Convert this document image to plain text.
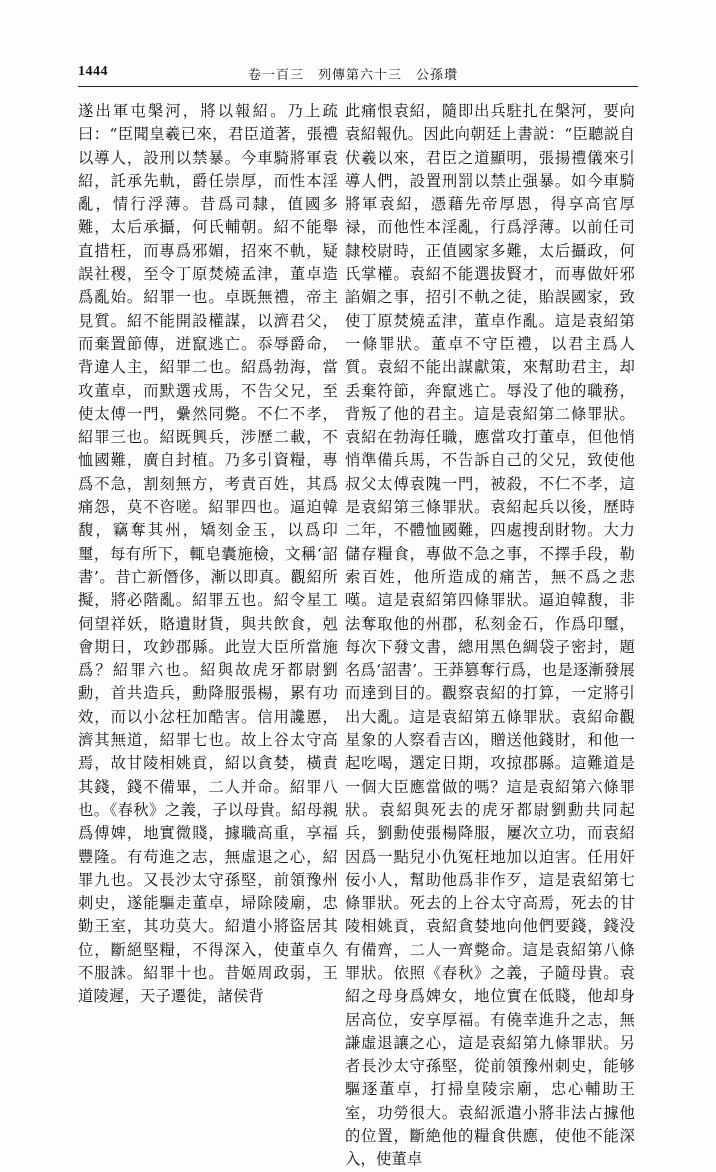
1444	卷一百三　列傳第六十三　公孫瓚

遂出軍屯槃河，將以報紹。乃上疏曰：“臣聞皇羲已來，君臣道著，張禮以導人，設刑以禁暴。今車騎將軍袁紹，託承先軌，爵任崇厚，而性本淫亂，情行浮薄。昔爲司隸，值國多難，太后承攝，何氏輔朝。紹不能舉直措枉，而專爲邪媚，招來不軌，疑誤社稷，至令丁原焚燒孟津，董卓造爲亂始。紹罪一也。卓既無禮，帝主見質。紹不能開設權謀，以濟君父，而棄置節傳，迸竄逃亡。忝辱爵命，背違人主，紹罪二也。紹爲勃海，當攻董卓，而默選戎馬，不告父兄，至使太傅一門，纍然同斃。不仁不孝，紹罪三也。紹既興兵，涉歷二載，不恤國難，廣自封植。乃多引資糧，專爲不急，割刻無方，考責百姓，其爲痛怨，莫不咨嗟。紹罪四也。逼迫韓馥，竊奪其州，矯刻金玉，以爲印璽，每有所下，輒皂囊施檢，文稱‘詔書’。昔亡新僭侈，漸以即真。觀紹所擬，將必階亂。紹罪五也。紹令星工伺望祥妖，賂遺財貨，與共飲食，剋會期日，攻鈔郡縣。此豈大臣所當施爲？紹罪六也。紹與故虎牙都尉劉勳，首共造兵，勳降服張楊，累有功效，而以小忿枉加酷害。信用讒慝，濟其無道，紹罪七也。故上谷太守高焉，故甘陵相姚貢，紹以貪婪，橫責其錢，錢不備畢，二人并命。紹罪八也。《春秋》之義，子以母貴。紹母親爲傅婢，地實微賤，據職高重，享福豐隆。有苟進之志，無虛退之心，紹罪九也。又長沙太守孫堅，前領豫州刺史，遂能驅走董卓，埽除陵廟，忠勤王室，其功莫大。紹遣小將盜居其位，斷絕堅糧，不得深入，使董卓久不服誅。紹罪十也。昔姬周政弱，王道陵遲，天子遷徙，諸侯背

此痛恨袁紹，隨即出兵駐扎在槃河，要向袁紹報仇。因此向朝廷上書説：“臣聽説自伏羲以來，君臣之道顯明，張揚禮儀來引導人們，設置刑罰以禁止强暴。如今車騎將軍袁紹，憑藉先帝厚恩，得享高官厚禄，而他性本淫亂，行爲浮薄。以前任司隸校尉時，正值國家多難，太后攝政，何氏掌權。袁紹不能選拔賢才，而專做奸邪諂媚之事，招引不軌之徒，貽誤國家，致使丁原焚燒孟津，董卓作亂。這是袁紹第一條罪狀。董卓不守臣禮，以君主爲人質。袁紹不能出謀獻策，來幫助君主，却丢棄符節，奔竄逃亡。辱没了他的職務，背叛了他的君主。這是袁紹第二條罪狀。袁紹在勃海任職，應當攻打董卓，但他悄悄準備兵馬，不告訴自己的父兄，致使他叔父太傅袁隗一門，被殺，不仁不孝，這是袁紹第三條罪狀。袁紹起兵以後，歷時二年，不體恤國難，四處搜刮財物。大力儲存糧食，專做不急之事，不擇手段，勒索百姓，他所造成的痛苦，無不爲之悲嘆。這是袁紹第四條罪狀。逼迫韓馥，非法奪取他的州郡，私刻金石，作爲印璽，每次下發文書，總用黑色綢袋子密封，題名爲‘詔書’。王莽篡奪行爲，也是逐漸發展而達到目的。觀察袁紹的打算，一定將引出大亂。這是袁紹第五條罪狀。袁紹命觀星象的人察看吉凶，贈送他錢財，和他一起吃喝，選定日期，攻掠郡縣。這難道是一個大臣應當做的嗎？這是袁紹第六條罪狀。袁紹與死去的虎牙都尉劉勳共同起兵，劉勳使張楊降服，屢次立功，而袁紹因爲一點兒小仇冤枉地加以迫害。任用奸佞小人，幫助他爲非作歹，這是袁紹第七條罪狀。死去的上谷太守高焉，死去的甘陵相姚貢，袁紹貪婪地向他們要錢，錢没有備齊，二人一齊斃命。這是袁紹第八條罪狀。依照《春秋》之義，子隨母貴。袁紹之母身爲婢女，地位實在低賤，他却身居高位，安享厚福。有僥幸進升之志，無謙虛退讓之心，這是袁紹第九條罪狀。另者長沙太守孫堅，從前領豫州刺史，能够驅逐董卓，打掃皇陵宗廟，忠心輔助王室，功勞很大。袁紹派遣小將非法占據他的位置，斷絶他的糧食供應，使他不能深入，使董卓
